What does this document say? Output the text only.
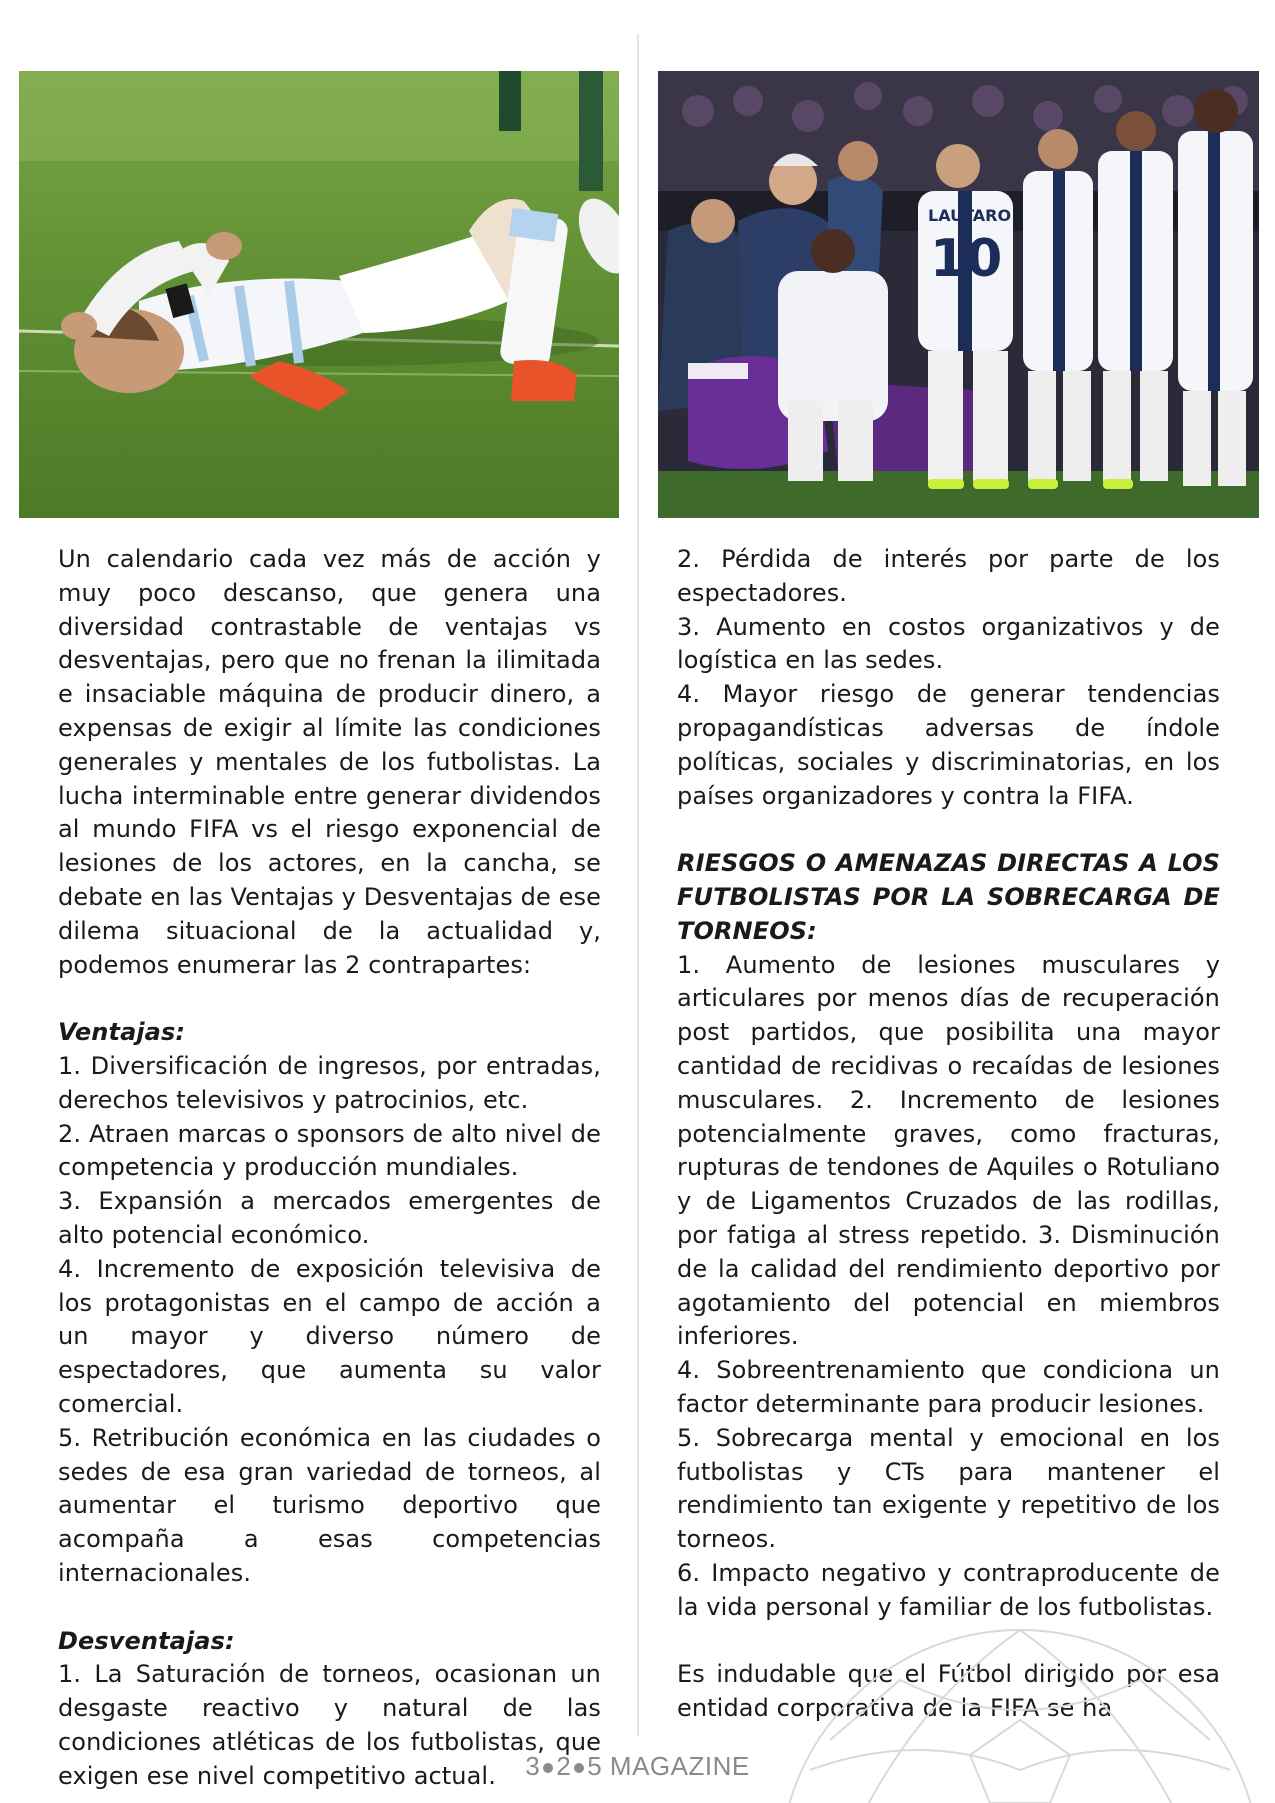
LAUTARO
10

Un calendario cada vez más de acción y muy poco descanso, que genera una diversidad contrastable de ventajas vs desventajas, pero que no frenan la ilimitada e insaciable máquina de producir dinero, a expensas de exigir al límite las condiciones generales y mentales de los futbolistas. La lucha interminable entre generar dividendos al mundo FIFA vs el riesgo exponencial de lesiones de los actores, en la cancha, se debate en las Ventajas y Desventajas de ese dilema situacional de la actualidad y, podemos enumerar las 2 contrapartes:

Ventajas:

1. Diversificación de ingresos, por entradas, derechos televisivos y patrocinios, etc.

2. Atraen marcas o sponsors de alto nivel de competencia y producción mundiales.

3. Expansión a mercados emergentes de alto potencial económico.

4. Incremento de exposición televisiva de los protagonistas en el campo de acción a un mayor y diverso número de espectadores, que aumenta su valor comercial.

5. Retribución económica en las ciudades o sedes de esa gran variedad de torneos, al aumentar el turismo deportivo que acompaña a esas competencias internacionales.

Desventajas:

1. La Saturación de torneos, ocasionan un desgaste reactivo y natural de las condiciones atléticas de los futbolistas, que exigen ese nivel competitivo actual.

2. Pérdida de interés por parte de los espectadores.

3. Aumento en costos organizativos y de logística en las sedes.

4. Mayor riesgo de generar tendencias propagandísticas adversas de índole políticas, sociales y discriminatorias, en los países organizadores y contra la FIFA.

RIESGOS O AMENAZAS DIRECTAS A LOS FUTBOLISTAS POR LA SOBRECARGA DE TORNEOS:

1. Aumento de lesiones musculares y articulares por menos días de recuperación post partidos, que posibilita una mayor cantidad de recidivas o recaídas de lesiones musculares. 2. Incremento de lesiones potencialmente graves, como fracturas, rupturas de tendones de Aquiles o Rotuliano y de Ligamentos Cruzados de las rodillas, por fatiga al stress repetido. 3. Disminución de la calidad del rendimiento deportivo por agotamiento del potencial en miembros inferiores.

4. Sobreentrenamiento que condiciona un factor determinante para producir lesiones.

5. Sobrecarga mental y emocional en los futbolistas y CTs para mantener el rendimiento tan exigente y repetitivo de los torneos.

6. Impacto negativo y contraproducente de la vida personal y familiar de los futbolistas.

Es indudable que el Fútbol dirigido por esa entidad corporativa de la FIFA se ha

3 2 5 MAGAZINE
